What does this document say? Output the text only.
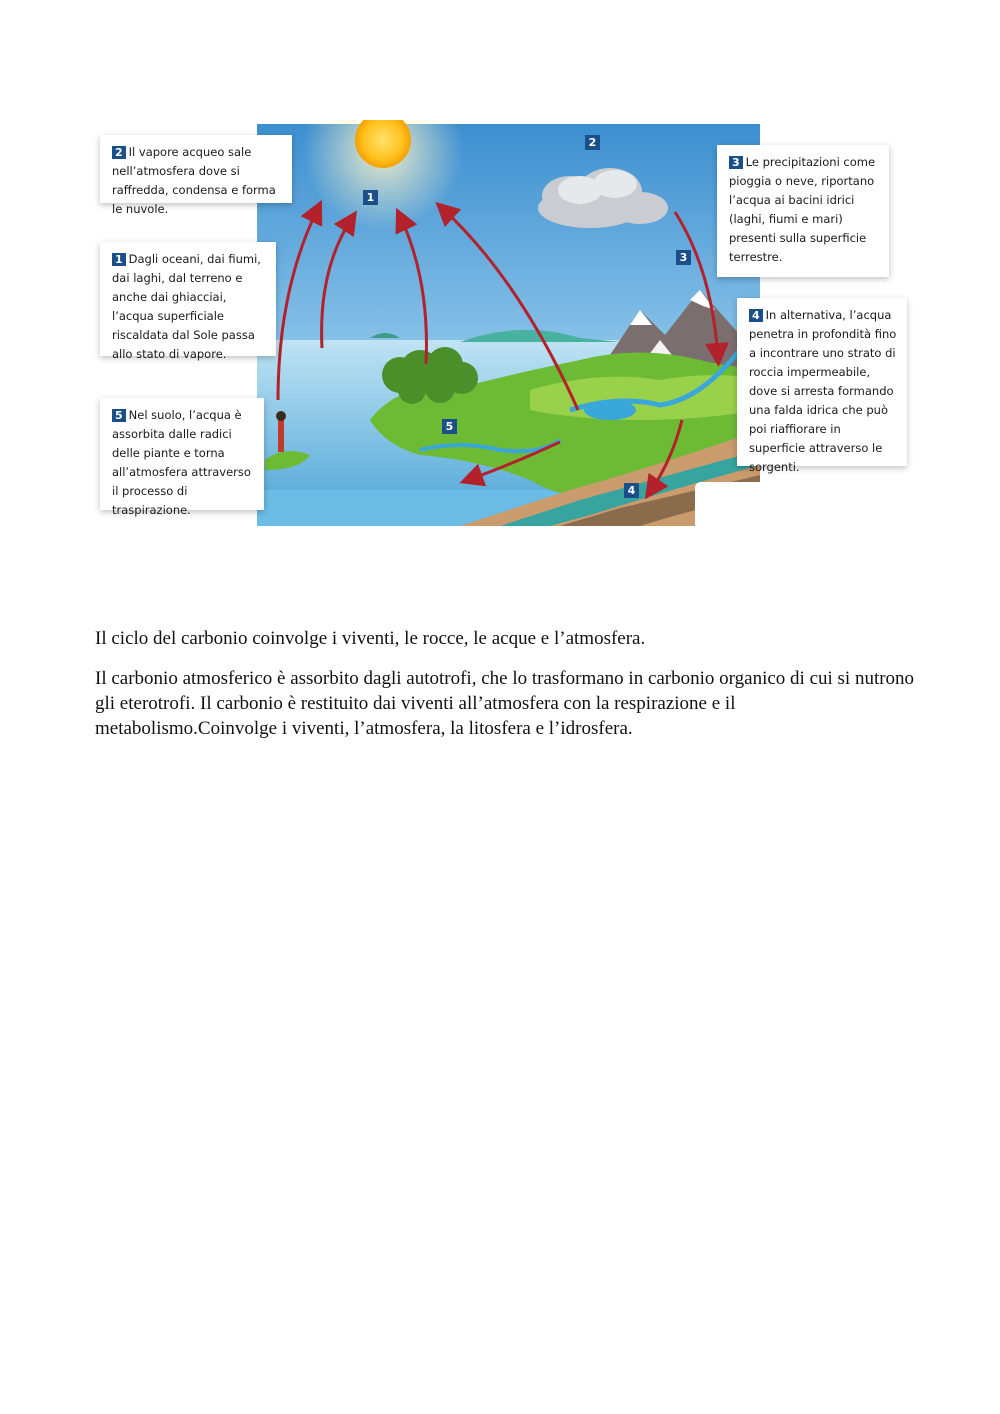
1
2
3
4
5
2 Il vapore acqueo sale nell’atmosfera dove si raffredda, condensa e forma le nuvole.
1 Dagli oceani, dai fiumi, dai laghi, dal terreno e anche dai ghiacciai, l’acqua superficiale riscaldata dal Sole passa allo stato di vapore.
5 Nel suolo, l’acqua è assorbita dalle radici delle piante e torna all’atmosfera attraverso il processo di traspirazione.
3 Le precipitazioni come pioggia o neve, riportano l’acqua ai bacini idrici (laghi, fiumi e mari) presenti sulla superficie terrestre.
4 In alternativa, l’acqua penetra in profondità fino a incontrare uno strato di roccia impermeabile, dove si arresta formando una falda idrica che può poi riaffiorare in superficie attraverso le sorgenti.

Il ciclo del carbonio coinvolge i viventi, le rocce, le acque e l’atmosfera.

Il carbonio atmosferico è assorbito dagli autotrofi, che lo trasformano in carbonio organico di cui si nutrono gli eterotrofi. Il carbonio è restituito dai viventi all’atmosfera con la respirazione e il metabolismo.Coinvolge i viventi, l’atmosfera, la litosfera e l’idrosfera.
